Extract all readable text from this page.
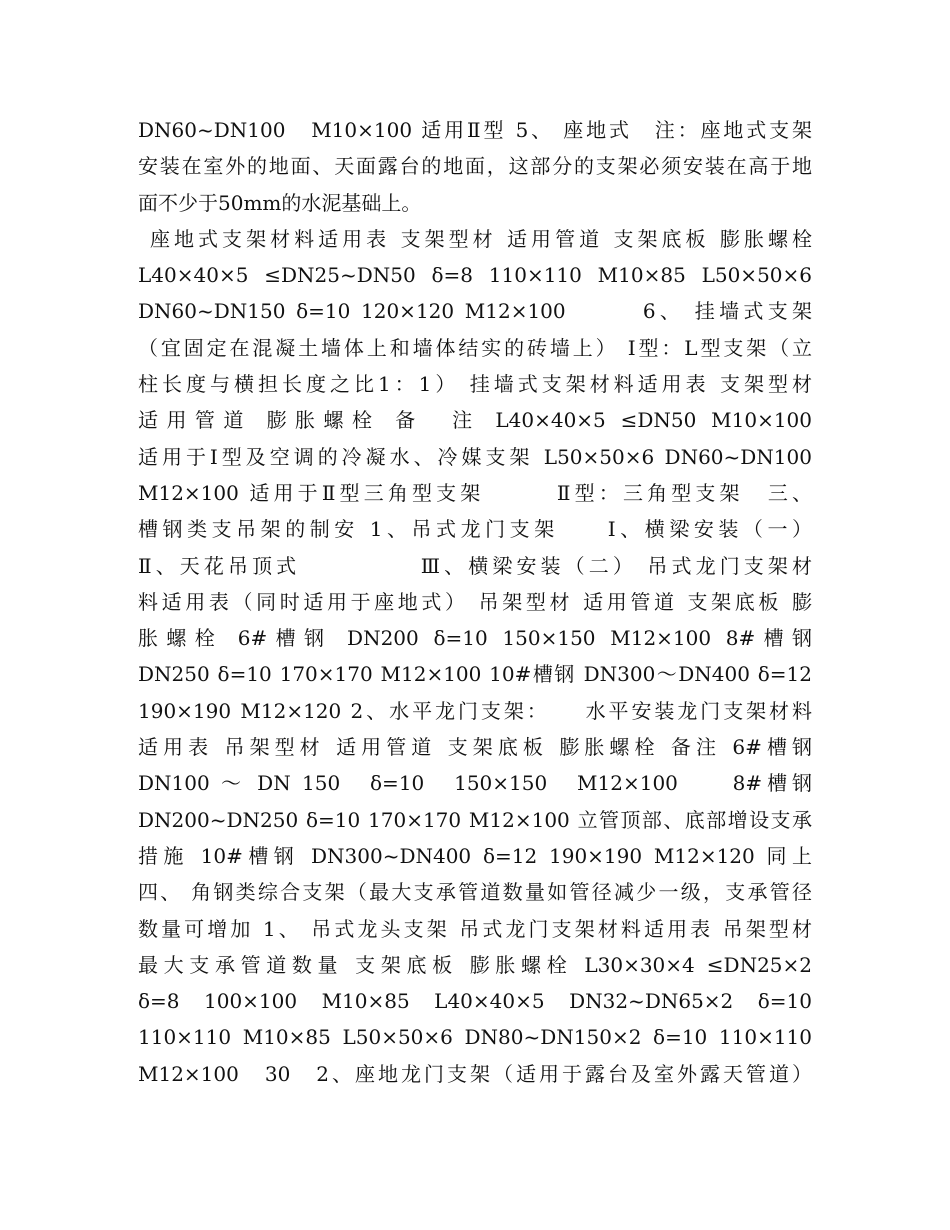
DN60~DN100　M10×100 适用Ⅱ型 5、 座地式　注：座地式支架
安装在室外的地面、天面露台的地面，这部分的支架必须安装在高于地
面不少于50mm的水泥基础上。
座地式支架材料适用表 支架型材 适用管道 支架底板 膨胀螺栓
L40×40×5 ≤DN25~DN50 δ=8 110×110 M10×85 L50×50×6
DN60~DN150 δ=10 120×120 M12×100　　　6、 挂墙式支架
（宜固定在混凝土墙体上和墙体结实的砖墙上） Ⅰ型：L型支架（立
柱长度与横担长度之比1：1） 挂墙式支架材料适用表 支架型材
适用管道 膨胀螺栓 备　注 L40×40×5 ≤DN50 M10×100
适用于Ⅰ型及空调的冷凝水、冷媒支架 L50×50×6 DN60~DN100
M12×100 适用于Ⅱ型三角型支架　　　Ⅱ型：三角型支架　三、
槽钢类支吊架的制安 1、吊式龙门支架　　Ⅰ、横梁安装（一）
Ⅱ、天花吊顶式　　　　　Ⅲ、横梁安装（二） 吊式龙门支架材
料适用表（同时适用于座地式） 吊架型材 适用管道 支架底板 膨
胀螺栓 6#槽钢 DN200 δ=10 150×150 M12×100 8#槽钢
DN250 δ=10 170×170 M12×100 10#槽钢 DN300～DN400 δ=12
190×190 M12×120 2、水平龙门支架：　　水平安装龙门支架材料
适用表 吊架型材 适用管道 支架底板 膨胀螺栓 备注 6#槽钢
DN100 ～ DN 150　δ=10　150×150　M12×100　　8#槽钢
DN200~DN250 δ=10 170×170 M12×100 立管顶部、底部增设支承
措施 10#槽钢 DN300~DN400 δ=12 190×190 M12×120 同上
四、 角钢类综合支架（最大支承管道数量如管径减少一级，支承管径
数量可增加 1、 吊式龙头支架 吊式龙门支架材料适用表 吊架型材
最大支承管道数量 支架底板 膨胀螺栓 L30×30×4 ≤DN25×2
δ=8　100×100　M10×85　L40×40×5　DN32~DN65×2　δ=10
110×110 M10×85 L50×50×6 DN80~DN150×2 δ=10 110×110
M12×100　30　2、座地龙门支架（适用于露台及室外露天管道）
